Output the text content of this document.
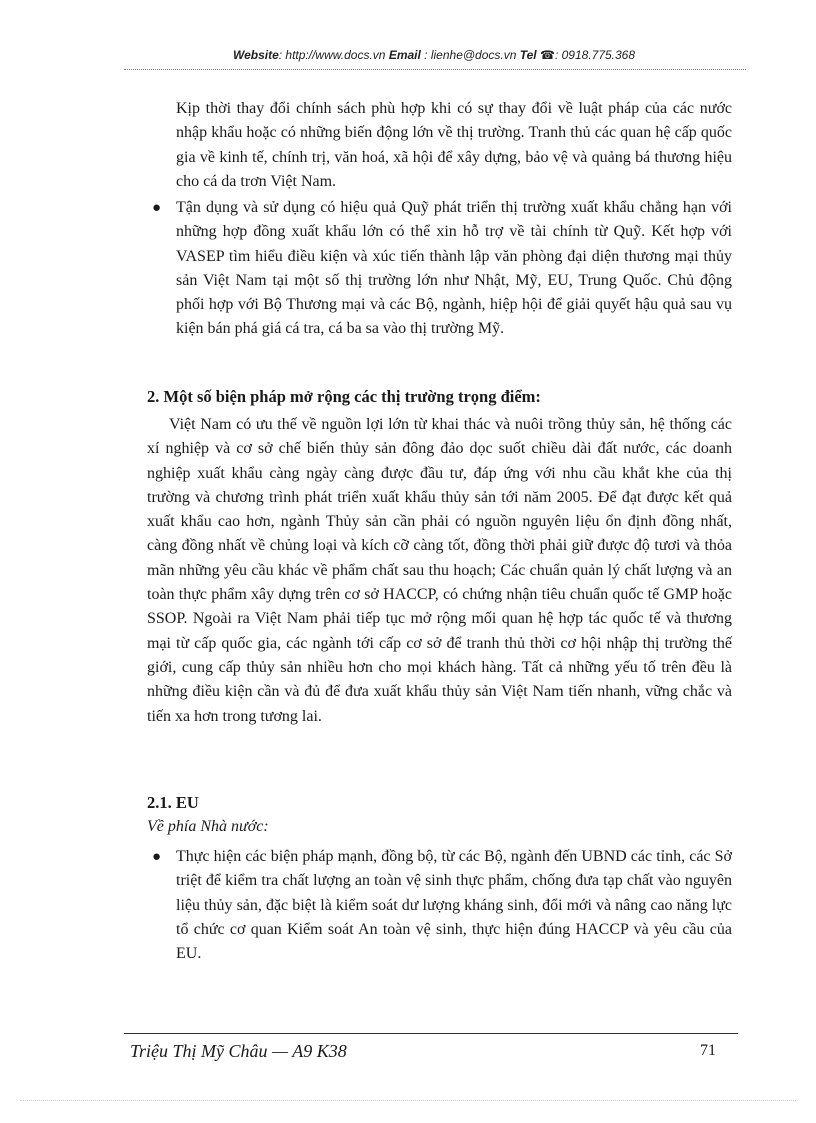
Website: http://www.docs.vn Email : lienhe@docs.vn Tel ☎: 0918.775.368
Kịp thời thay đổi chính sách phù hợp khi có sự thay đổi về luật pháp của các nước nhập khẩu hoặc có những biến động lớn về thị trường. Tranh thủ các quan hệ cấp quốc gia về kinh tế, chính trị, văn hoá, xã hội để xây dựng, bảo vệ và quảng bá thương hiệu cho cá da trơn Việt Nam.
● Tận dụng và sử dụng có hiệu quả Quỹ phát triển thị trường xuất khẩu chẳng hạn với những hợp đồng xuất khẩu lớn có thể xin hỗ trợ về tài chính từ Quỹ. Kết hợp với VASEP tìm hiểu điều kiện và xúc tiến thành lập văn phòng đại diện thương mại thủy sản Việt Nam tại một số thị trường lớn như Nhật, Mỹ, EU, Trung Quốc. Chủ động phối hợp với Bộ Thương mại và các Bộ, ngành, hiệp hội để giải quyết hậu quả sau vụ kiện bán phá giá cá tra, cá ba sa vào thị trường Mỹ.
2. Một số biện pháp mở rộng các thị trường trọng điểm:
Việt Nam có ưu thế về nguồn lợi lớn từ khai thác và nuôi trồng thủy sản, hệ thống các xí nghiệp và cơ sở chế biến thủy sản đông đảo dọc suốt chiều dài đất nước, các doanh nghiệp xuất khẩu càng ngày càng được đầu tư, đáp ứng với nhu cầu khắt khe của thị trường và chương trình phát triển xuất khẩu thủy sản tới năm 2005. Để đạt được kết quả xuất khẩu cao hơn, ngành Thủy sản cần phải có nguồn nguyên liệu ổn định đồng nhất, càng đồng nhất về chủng loại và kích cỡ càng tốt, đồng thời phải giữ được độ tươi và thỏa mãn những yêu cầu khác về phẩm chất sau thu hoạch; Các chuẩn quản lý chất lượng và an toàn thực phẩm xây dựng trên cơ sở HACCP, có chứng nhận tiêu chuẩn quốc tế GMP hoặc SSOP. Ngoài ra Việt Nam phải tiếp tục mở rộng mối quan hệ hợp tác quốc tế và thương mại từ cấp quốc gia, các ngành tới cấp cơ sở để tranh thủ thời cơ hội nhập thị trường thế giới, cung cấp thủy sản nhiều hơn cho mọi khách hàng. Tất cả những yếu tố trên đều là những điều kiện cần và đủ để đưa xuất khẩu thủy sản Việt Nam tiến nhanh, vững chắc và tiến xa hơn trong tương lai.
2.1. EU
Về phía Nhà nước:
● Thực hiện các biện pháp mạnh, đồng bộ, từ các Bộ, ngành đến UBND các tỉnh, các Sở triệt để kiểm tra chất lượng an toàn vệ sinh thực phẩm, chống đưa tạp chất vào nguyên liệu thủy sản, đặc biệt là kiểm soát dư lượng kháng sinh, đổi mới và nâng cao năng lực tổ chức cơ quan Kiểm soát An toàn vệ sinh, thực hiện đúng HACCP và yêu cầu của EU.
Triệu Thị Mỹ Châu — A9 K38	71
